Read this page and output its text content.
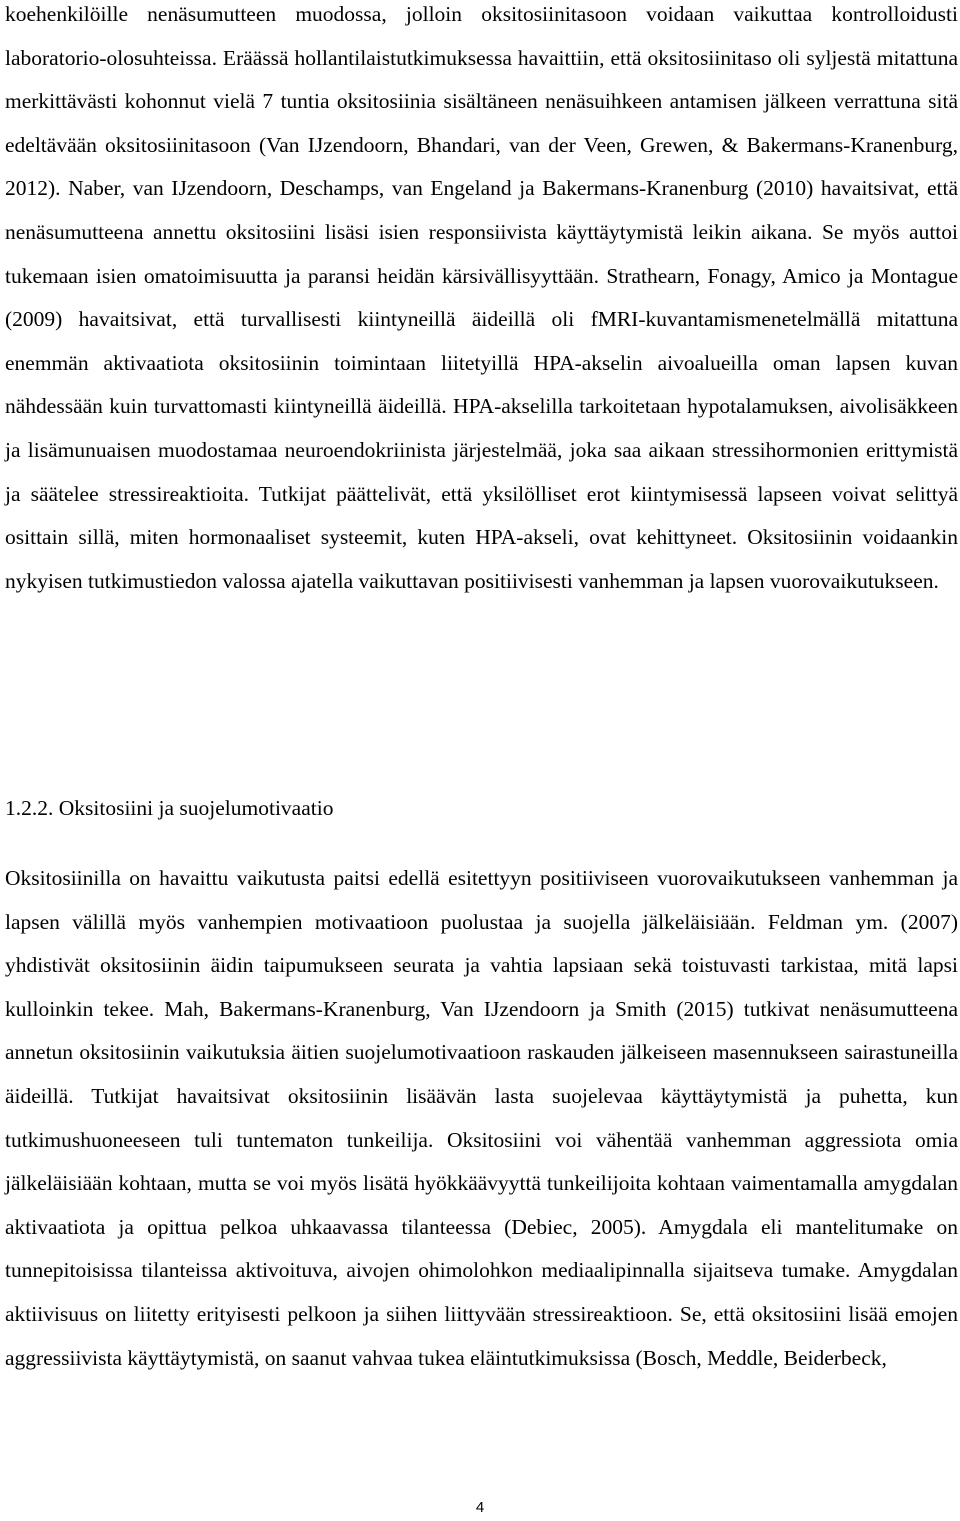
koehenkilöille nenäsumutteen muodossa, jolloin oksitosiinitasoon voidaan vaikuttaa kontrolloidusti laboratorio-olosuhteissa. Eräässä hollantilaistutkimuksessa havaittiin, että oksitosiinitaso oli syljestä mitattuna merkittävästi kohonnut vielä 7 tuntia oksitosiinia sisältäneen nenäsuihkeen antamisen jälkeen verrattuna sitä edeltävään oksitosiinitasoon (Van IJzendoorn, Bhandari, van der Veen, Grewen, & Bakermans-Kranenburg, 2012). Naber, van IJzendoorn, Deschamps, van Engeland ja Bakermans-Kranenburg (2010) havaitsivat, että nenäsumutteena annettu oksitosiini lisäsi isien responsiivista käyttäytymistä leikin aikana. Se myös auttoi tukemaan isien omatoimisuutta ja paransi heidän kärsivällisyyttään. Strathearn, Fonagy, Amico ja Montague (2009) havaitsivat, että turvallisesti kiintyneillä äideillä oli fMRI-kuvantamismenetelmällä mitattuna enemmän aktivaatiota oksitosiinin toimintaan liitetyillä HPA-akselin aivoalueilla oman lapsen kuvan nähdessään kuin turvattomasti kiintyneillä äideillä. HPA-akselilla tarkoitetaan hypotalamuksen, aivolisäkkeen ja lisämunuaisen muodostamaa neuroendokriinista järjestelmää, joka saa aikaan stressihormonien erittymistä ja säätelee stressireaktioita. Tutkijat päättelivät, että yksilölliset erot kiintymisessä lapseen voivat selittyä osittain sillä, miten hormonaaliset systeemit, kuten HPA-akseli, ovat kehittyneet. Oksitosiinin voidaankin nykyisen tutkimustiedon valossa ajatella vaikuttavan positiivisesti vanhemman ja lapsen vuorovaikutukseen.

1.2.2. Oksitosiini ja suojelumotivaatio

Oksitosiinilla on havaittu vaikutusta paitsi edellä esitettyyn positiiviseen vuorovaikutukseen vanhemman ja lapsen välillä myös vanhempien motivaatioon puolustaa ja suojella jälkeläisiään. Feldman ym. (2007) yhdistivät oksitosiinin äidin taipumukseen seurata ja vahtia lapsiaan sekä toistuvasti tarkistaa, mitä lapsi kulloinkin tekee. Mah, Bakermans-Kranenburg, Van IJzendoorn ja Smith (2015) tutkivat nenäsumutteena annetun oksitosiinin vaikutuksia äitien suojelumotivaatioon raskauden jälkeiseen masennukseen sairastuneilla äideillä. Tutkijat havaitsivat oksitosiinin lisäävän lasta suojelevaa käyttäytymistä ja puhetta, kun tutkimushuoneeseen tuli tuntematon tunkeilija. Oksitosiini voi vähentää vanhemman aggressiota omia jälkeläisiään kohtaan, mutta se voi myös lisätä hyökkäävyyttä tunkeilijoita kohtaan vaimentamalla amygdalan aktivaatiota ja opittua pelkoa uhkaavassa tilanteessa (Debiec, 2005). Amygdala eli mantelitumake on tunnepitoisissa tilanteissa aktivoituva, aivojen ohimolohkon mediaalipinnalla sijaitseva tumake. Amygdalan aktiivisuus on liitetty erityisesti pelkoon ja siihen liittyvään stressireaktioon. Se, että oksitosiini lisää emojen aggressiivista käyttäytymistä, on saanut vahvaa tukea eläintutkimuksissa (Bosch, Meddle, Beiderbeck,

4
